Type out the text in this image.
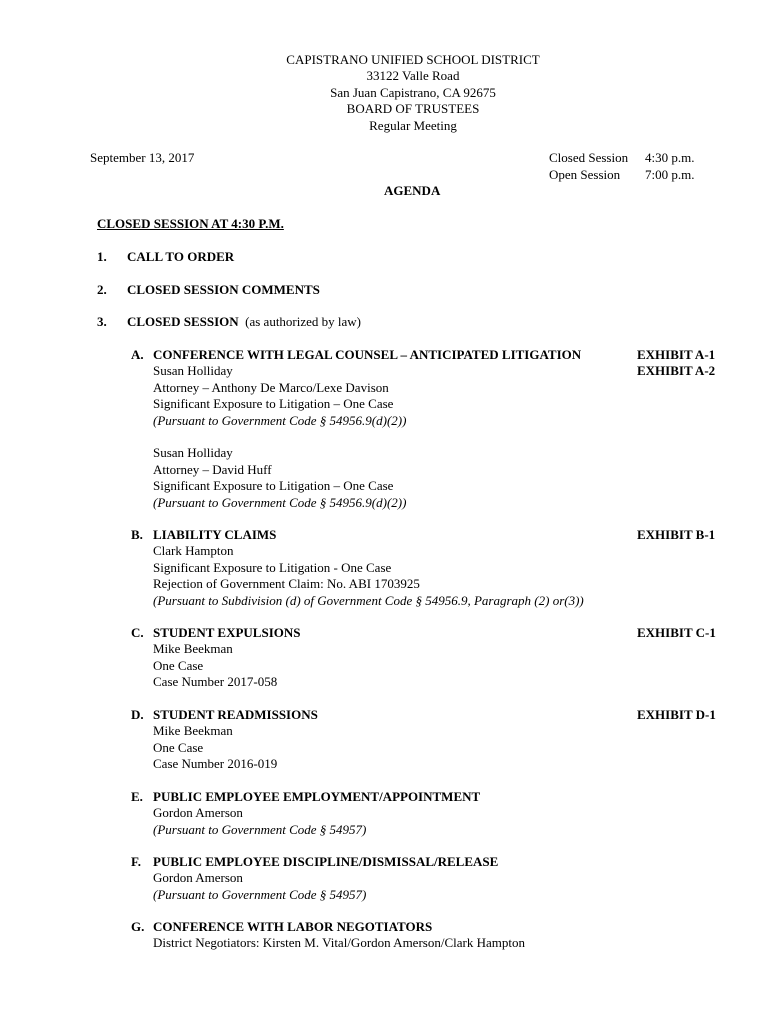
CAPISTRANO UNIFIED SCHOOL DISTRICT
33122 Valle Road
San Juan Capistrano, CA 92675
BOARD OF TRUSTEES
Regular Meeting
September 13, 2017	Closed Session 4:30 p.m.
Open Session 7:00 p.m.
AGENDA
CLOSED SESSION AT 4:30 P.M.
1. CALL TO ORDER
2. CLOSED SESSION COMMENTS
3. CLOSED SESSION (as authorized by law)
A. CONFERENCE WITH LEGAL COUNSEL – ANTICIPATED LITIGATION
Susan Holliday
Attorney – Anthony De Marco/Lexe Davison
Significant Exposure to Litigation – One Case
(Pursuant to Government Code § 54956.9(d)(2))
Susan Holliday
Attorney – David Huff
Significant Exposure to Litigation – One Case
(Pursuant to Government Code § 54956.9(d)(2))
EXHIBIT A-1
EXHIBIT A-2
B. LIABILITY CLAIMS
Clark Hampton
Significant Exposure to Litigation - One Case
Rejection of Government Claim: No. ABI 1703925
(Pursuant to Subdivision (d) of Government Code § 54956.9, Paragraph (2) or(3))
EXHIBIT B-1
C. STUDENT EXPULSIONS
Mike Beekman
One Case
Case Number 2017-058
EXHIBIT C-1
D. STUDENT READMISSIONS
Mike Beekman
One Case
Case Number 2016-019
EXHIBIT D-1
E. PUBLIC EMPLOYEE EMPLOYMENT/APPOINTMENT
Gordon Amerson
(Pursuant to Government Code § 54957)
F. PUBLIC EMPLOYEE DISCIPLINE/DISMISSAL/RELEASE
Gordon Amerson
(Pursuant to Government Code § 54957)
G. CONFERENCE WITH LABOR NEGOTIATORS
District Negotiators: Kirsten M. Vital/Gordon Amerson/Clark Hampton
